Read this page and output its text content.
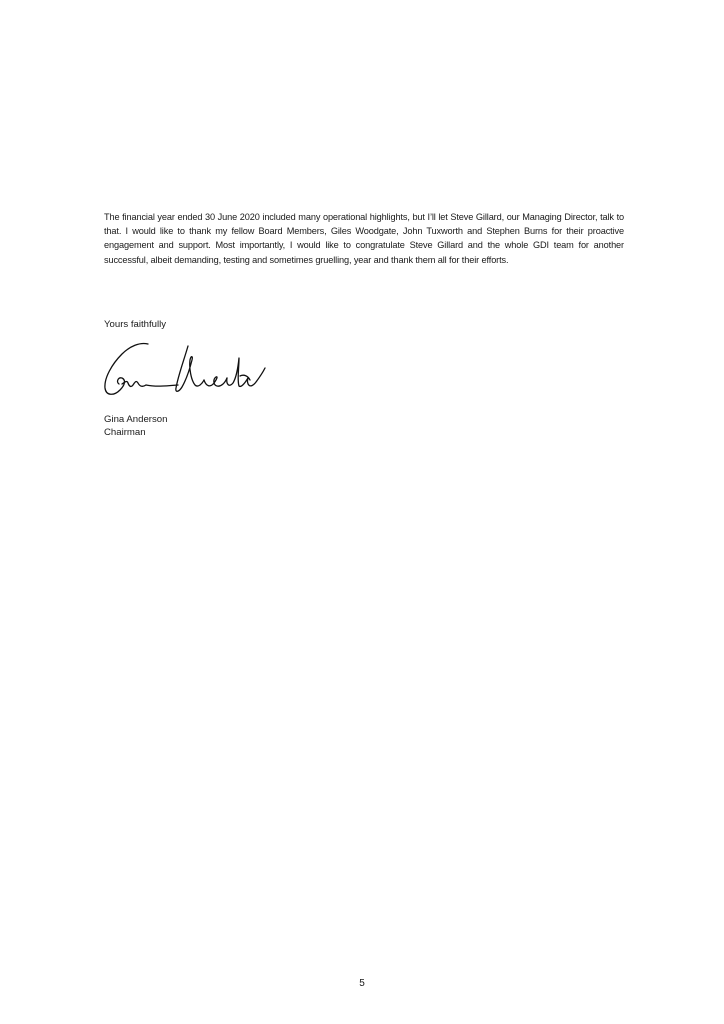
The financial year ended 30 June 2020 included many operational highlights, but I’ll let Steve Gillard, our Managing Director, talk to that. I would like to thank my fellow Board Members, Giles Woodgate, John Tuxworth and Stephen Burns for their proactive engagement and support. Most importantly, I would like to congratulate Steve Gillard and the whole GDI team for another successful, albeit demanding, testing and sometimes gruelling, year and thank them all for their efforts.

Yours faithfully

Gina Anderson
Chairman

5
